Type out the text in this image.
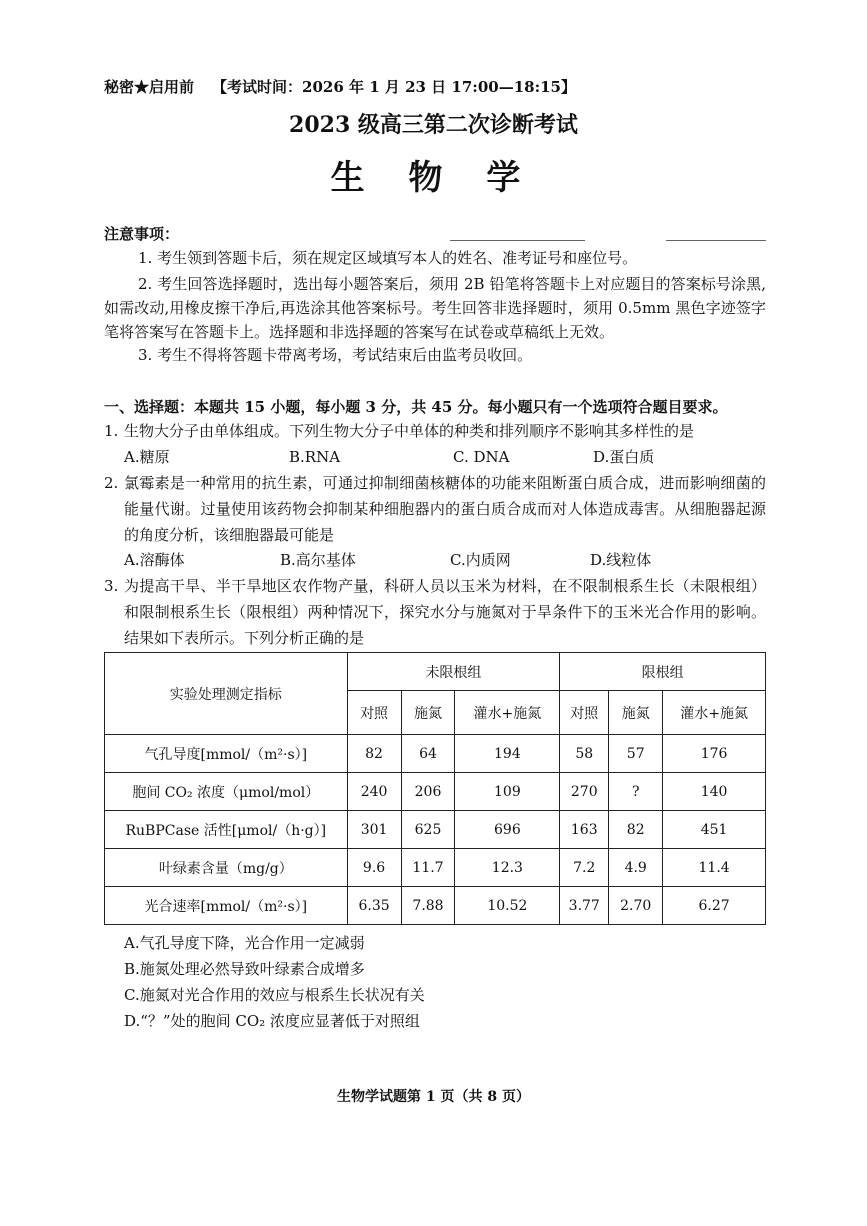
秘密★启用前 【考试时间：2026 年 1 月 23 日 17:00—18:15】
2023 级高三第二次诊断考试
生 物 学
注意事项：
1. 考生领到答题卡后，须在规定区域填写本人的姓名、准考证号和座位号。
2. 考生回答选择题时，选出每小题答案后，须用 2B 铅笔将答题卡上对应题目的答案标号涂黑,如需改动,用橡皮擦干净后,再选涂其他答案标号。考生回答非选择题时，须用 0.5mm 黑色字迹签字笔将答案写在答题卡上。选择题和非选择题的答案写在试卷或草稿纸上无效。
3. 考生不得将答题卡带离考场，考试结束后由监考员收回。
一、选择题：本题共 15 小题，每小题 3 分，共 45 分。每小题只有一个选项符合题目要求。
1. 生物大分子由单体组成。下列生物大分子中单体的种类和排列顺序不影响其多样性的是
A.糖原	B.RNA	C. DNA	D.蛋白质
2. 氯霉素是一种常用的抗生素，可通过抑制细菌核糖体的功能来阻断蛋白质合成，进而影响细菌的能量代谢。过量使用该药物会抑制某种细胞器内的蛋白质合成而对人体造成毒害。从细胞器起源的角度分析，该细胞器最可能是
A.溶酶体	B.高尔基体	C.内质网	D.线粒体
3. 为提高干旱、半干旱地区农作物产量，科研人员以玉米为材料，在不限制根系生长（未限根组）和限制根系生长（限根组）两种情况下，探究水分与施氮对于旱条件下的玉米光合作用的影响。结果如下表所示。下列分析正确的是
实验处理测定指标	未限根组			限根组		
	对照	施氮	灌水+施氮	对照	施氮	灌水+施氮
气孔导度[mmol/（m²·s）]	82	64	194	58	57	176
胞间 CO₂ 浓度（μmol/mol）	240	206	109	270	?	140
RuBPCase 活性[μmol/（h·g）]	301	625	696	163	82	451
叶绿素含量（mg/g）	9.6	11.7	12.3	7.2	4.9	11.4
光合速率[mmol/（m²·s）]	6.35	7.88	10.52	3.77	2.70	6.27
A.气孔导度下降，光合作用一定减弱
B.施氮处理必然导致叶绿素合成增多
C.施氮对光合作用的效应与根系生长状况有关
D.“？”处的胞间 CO₂ 浓度应显著低于对照组
生物学试题第 1 页（共 8 页）
